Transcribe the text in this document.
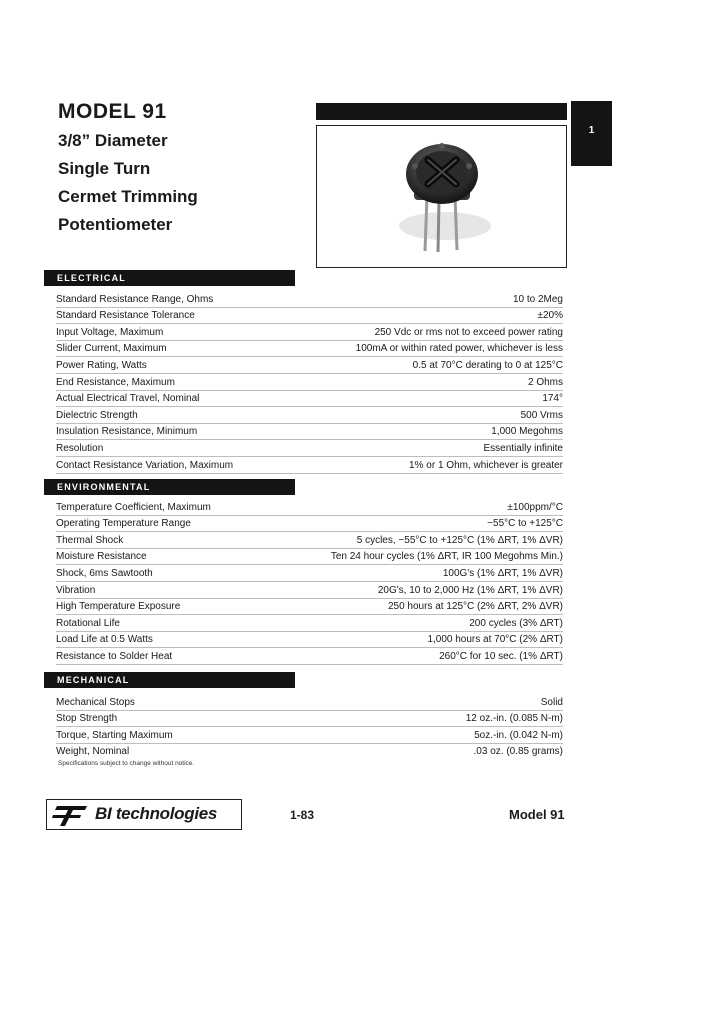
MODEL 91
3/8” Diameter
Single Turn
Cermet Trimming
Potentiometer
1
ELECTRICAL
Standard Resistance Range, Ohms	10 to 2Meg
Standard Resistance Tolerance	±20%
Input Voltage, Maximum	250 Vdc or rms not to exceed power rating
Slider Current, Maximum	100mA or within rated power, whichever is less
Power Rating, Watts	0.5 at 70°C derating to 0 at 125°C
End Resistance, Maximum	2 Ohms
Actual Electrical Travel, Nominal	174°
Dielectric Strength	500 Vrms
Insulation Resistance, Minimum	1,000 Megohms
Resolution	Essentially infinite
Contact Resistance Variation, Maximum	1% or 1 Ohm, whichever is greater
ENVIRONMENTAL
Temperature Coefficient, Maximum	±100ppm/°C
Operating Temperature Range	−55°C to +125°C
Thermal Shock	5 cycles, −55°C to +125°C (1% ΔRT, 1% ΔVR)
Moisture Resistance	Ten 24 hour cycles (1% ΔRT, IR 100 Megohms Min.)
Shock, 6ms Sawtooth	100G's (1% ΔRT, 1% ΔVR)
Vibration	20G's, 10 to 2,000 Hz (1% ΔRT, 1% ΔVR)
High Temperature Exposure	250 hours at 125°C (2% ΔRT, 2% ΔVR)
Rotational Life	200 cycles (3% ΔRT)
Load Life at 0.5 Watts	1,000 hours at 70°C (2% ΔRT)
Resistance to Solder Heat	260°C for 10 sec. (1% ΔRT)
MECHANICAL
Mechanical Stops	Solid
Stop Strength	12 oz.-in. (0.085 N-m)
Torque, Starting Maximum	5oz.-in. (0.042 N-m)
Weight, Nominal	.03 oz. (0.85 grams)
Specifications subject to change without notice.
BI technologies	1-83	Model 91
